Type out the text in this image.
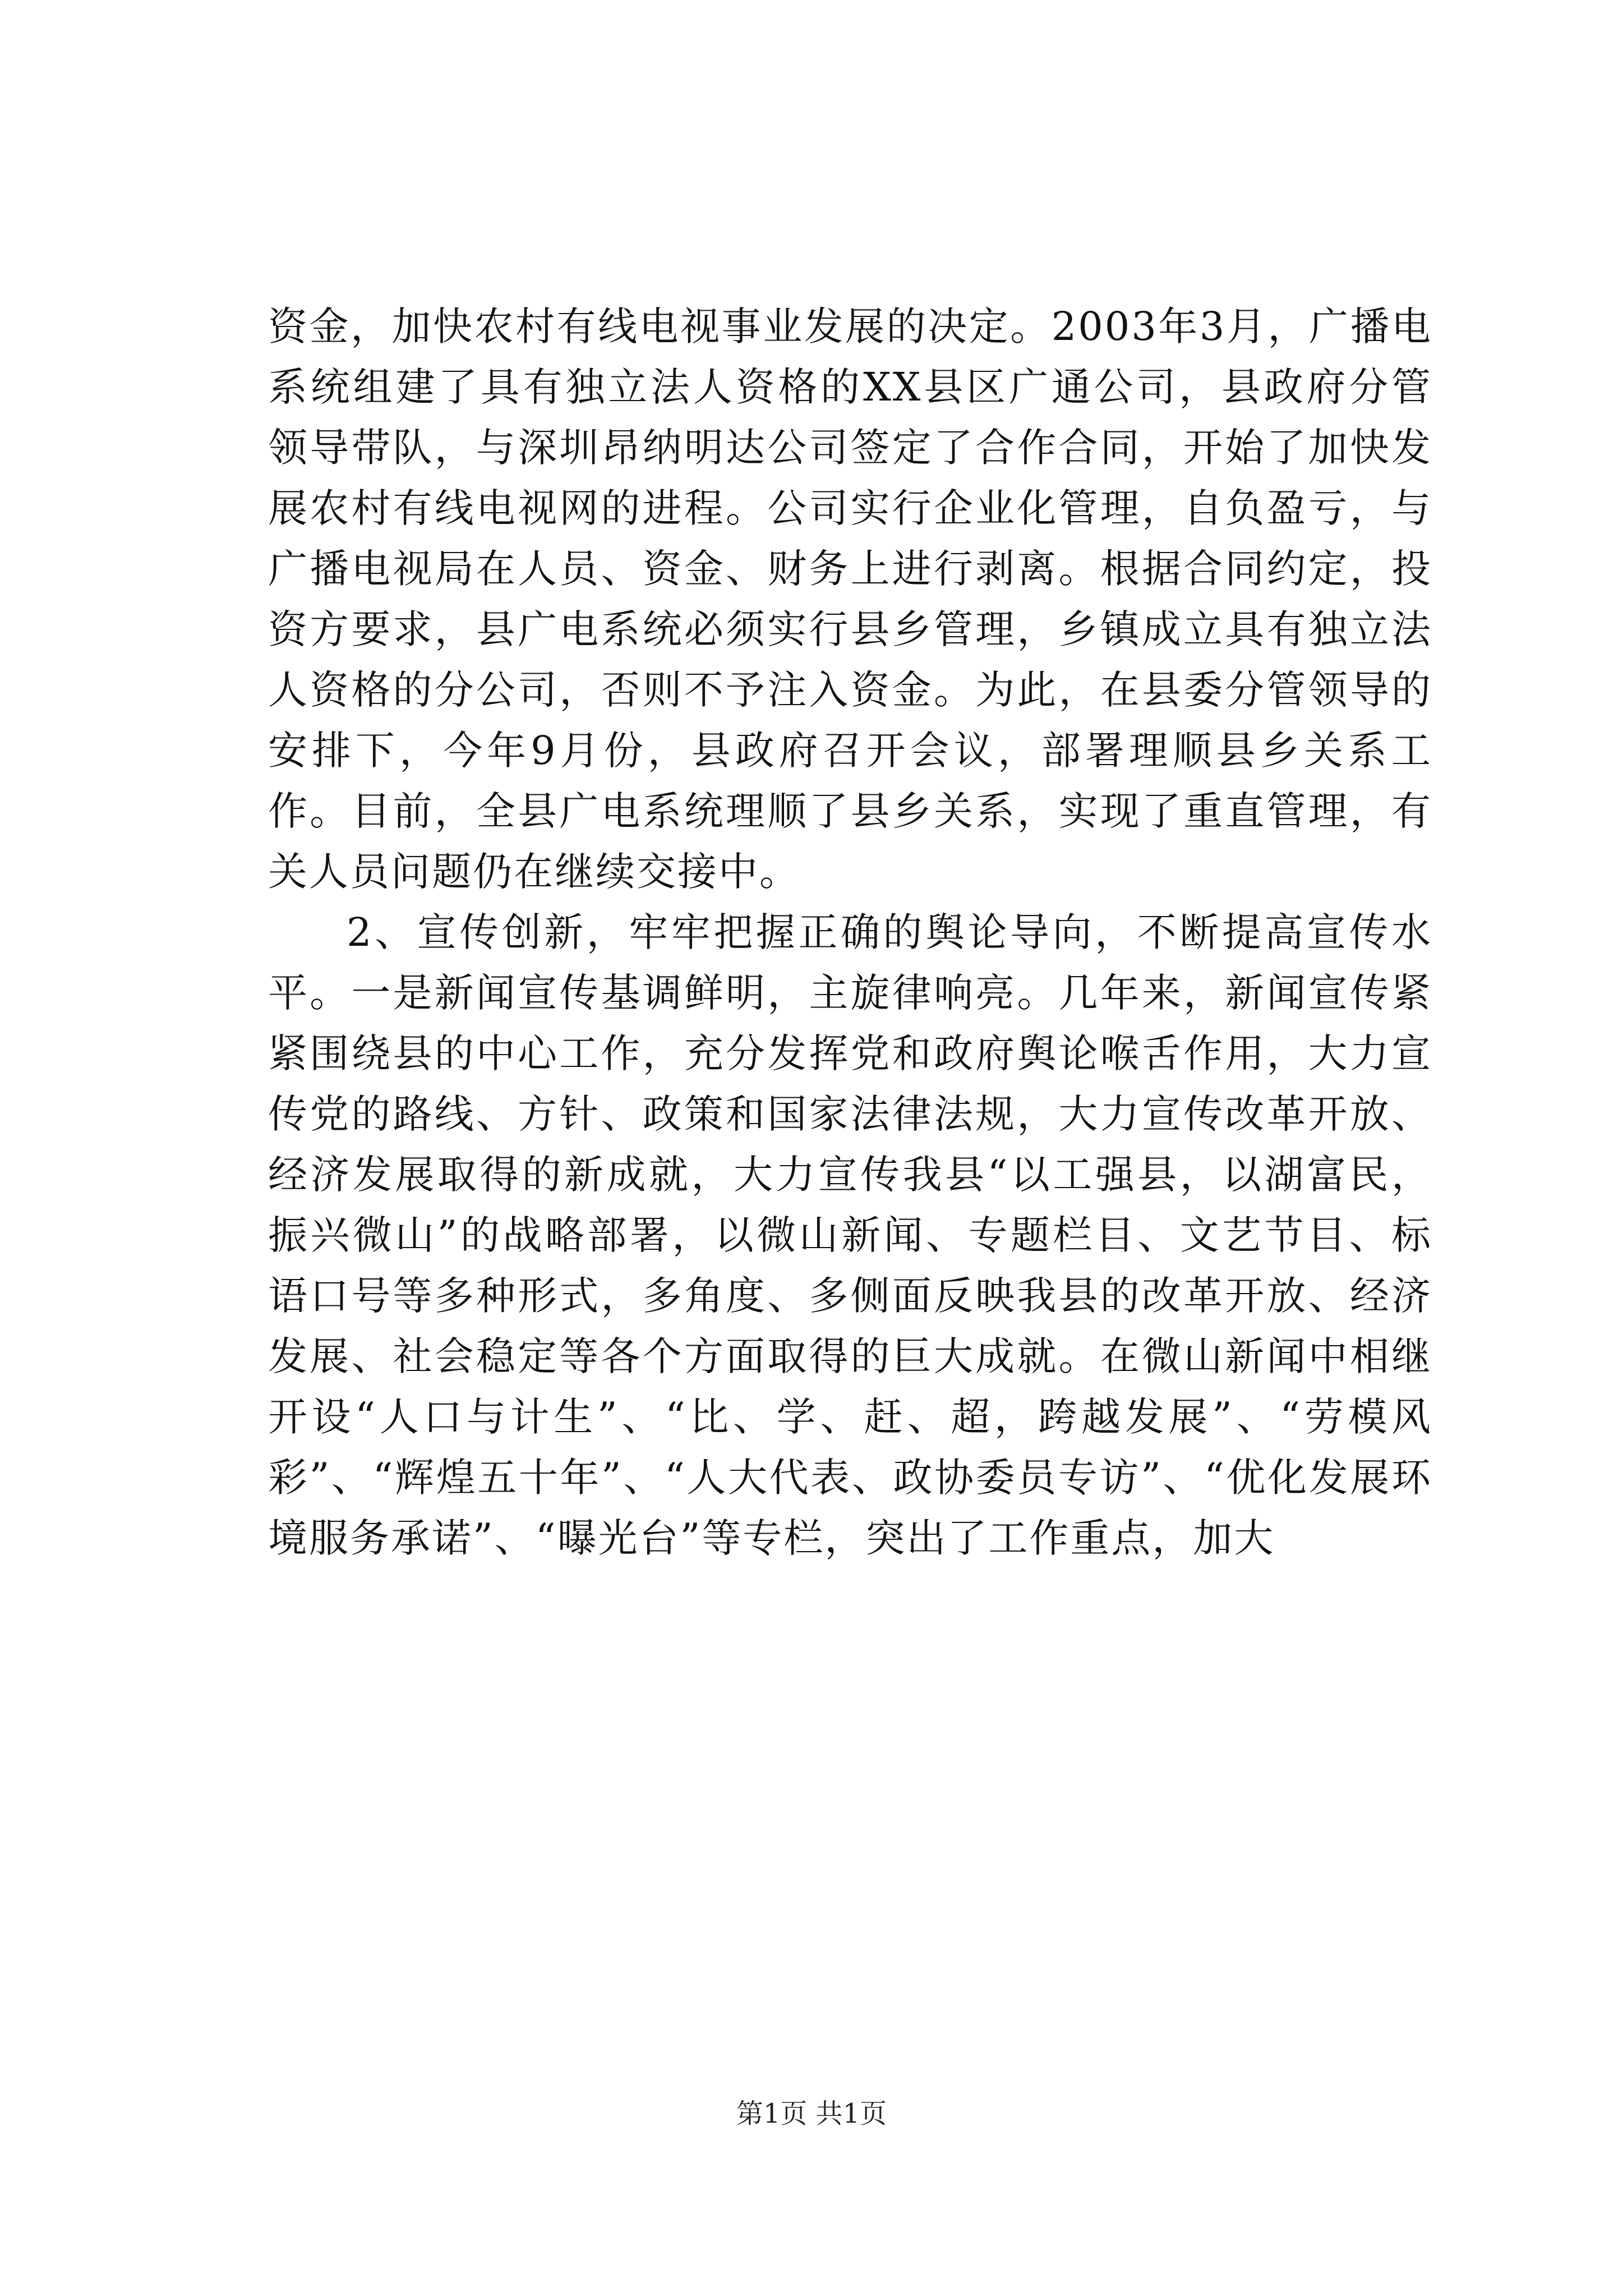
资金，加快农村有线电视事业发展的决定。2003年3月，广播电系统组建了具有独立法人资格的XX县区广通公司，县政府分管领导带队，与深圳昂纳明达公司签定了合作合同，开始了加快发展农村有线电视网的进程。公司实行企业化管理，自负盈亏，与广播电视局在人员、资金、财务上进行剥离。根据合同约定，投资方要求，县广电系统必须实行县乡管理，乡镇成立具有独立法人资格的分公司，否则不予注入资金。为此，在县委分管领导的安排下，今年9月份，县政府召开会议，部署理顺县乡关系工作。目前，全县广电系统理顺了县乡关系，实现了重直管理，有关人员问题仍在继续交接中。

2、宣传创新，牢牢把握正确的舆论导向，不断提高宣传水平。一是新闻宣传基调鲜明，主旋律响亮。几年来，新闻宣传紧紧围绕县的中心工作，充分发挥党和政府舆论喉舌作用，大力宣传党的路线、方针、政策和国家法律法规，大力宣传改革开放、经济发展取得的新成就，大力宣传我县“以工强县，以湖富民，振兴微山”的战略部署，以微山新闻、专题栏目、文艺节目、标语口号等多种形式，多角度、多侧面反映我县的改革开放、经济发展、社会稳定等各个方面取得的巨大成就。在微山新闻中相继开设“人口与计生”、“比、学、赶、超，跨越发展”、“劳模风彩”、“辉煌五十年”、“人大代表、政协委员专访”、“优化发展环境服务承诺”、“曝光台”等专栏，突出了工作重点，加大

第1页 共1页
